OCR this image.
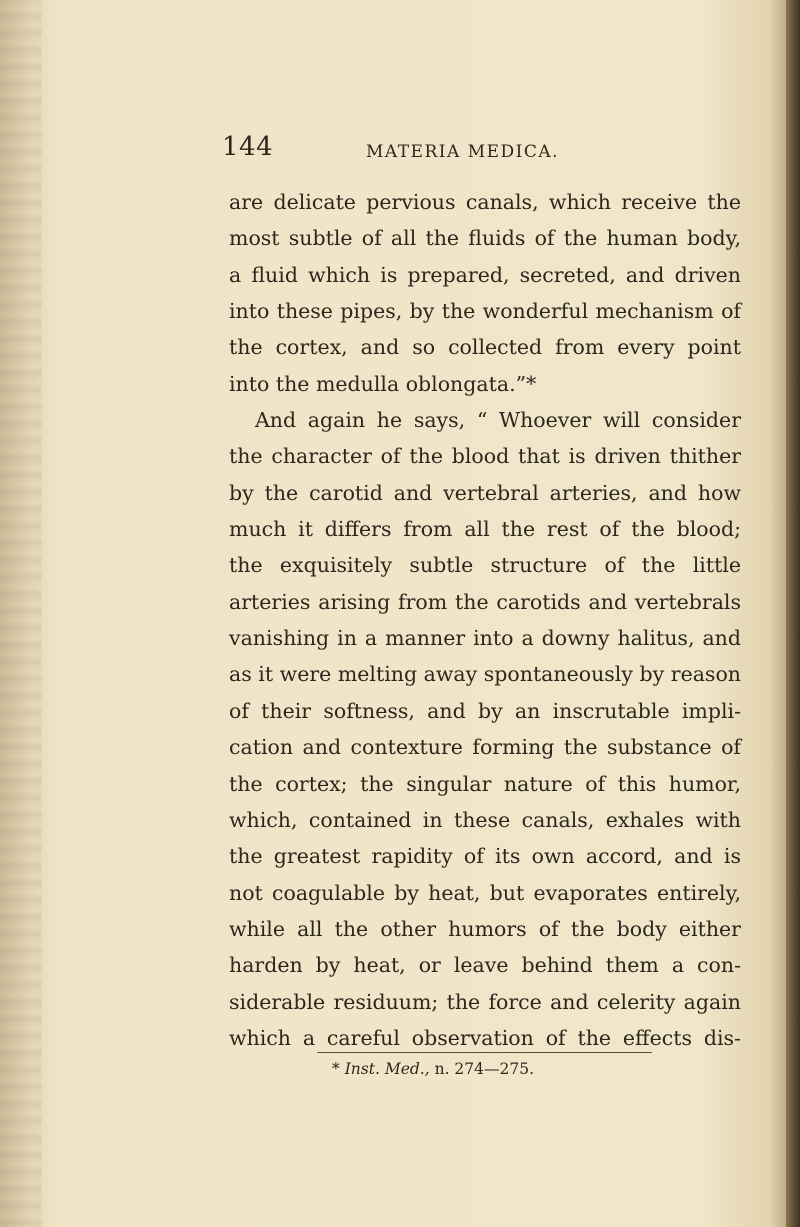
144	MATERIA MEDICA.
are delicate pervious canals, which receive the
most subtle of all the fluids of the human body,
a fluid which is prepared, secreted, and driven
into these pipes, by the wonderful mechanism of
the cortex, and so collected from every point
into the medulla oblongata.”*
And again he says, “ Whoever will consider
the character of the blood that is driven thither
by the carotid and vertebral arteries, and how
much it differs from all the rest of the blood;
the exquisitely subtle structure of the little
arteries arising from the carotids and vertebrals
vanishing in a manner into a downy halitus, and
as it were melting away spontaneously by reason
of their softness, and by an inscrutable impli-
cation and contexture forming the substance of
the cortex; the singular nature of this humor,
which, contained in these canals, exhales with
the greatest rapidity of its own accord, and is
not coagulable by heat, but evaporates entirely,
while all the other humors of the body either
harden by heat, or leave behind them a con-
siderable residuum; the force and celerity again
which a careful observation of the effects dis-
* Inst. Med., n. 274—275.
